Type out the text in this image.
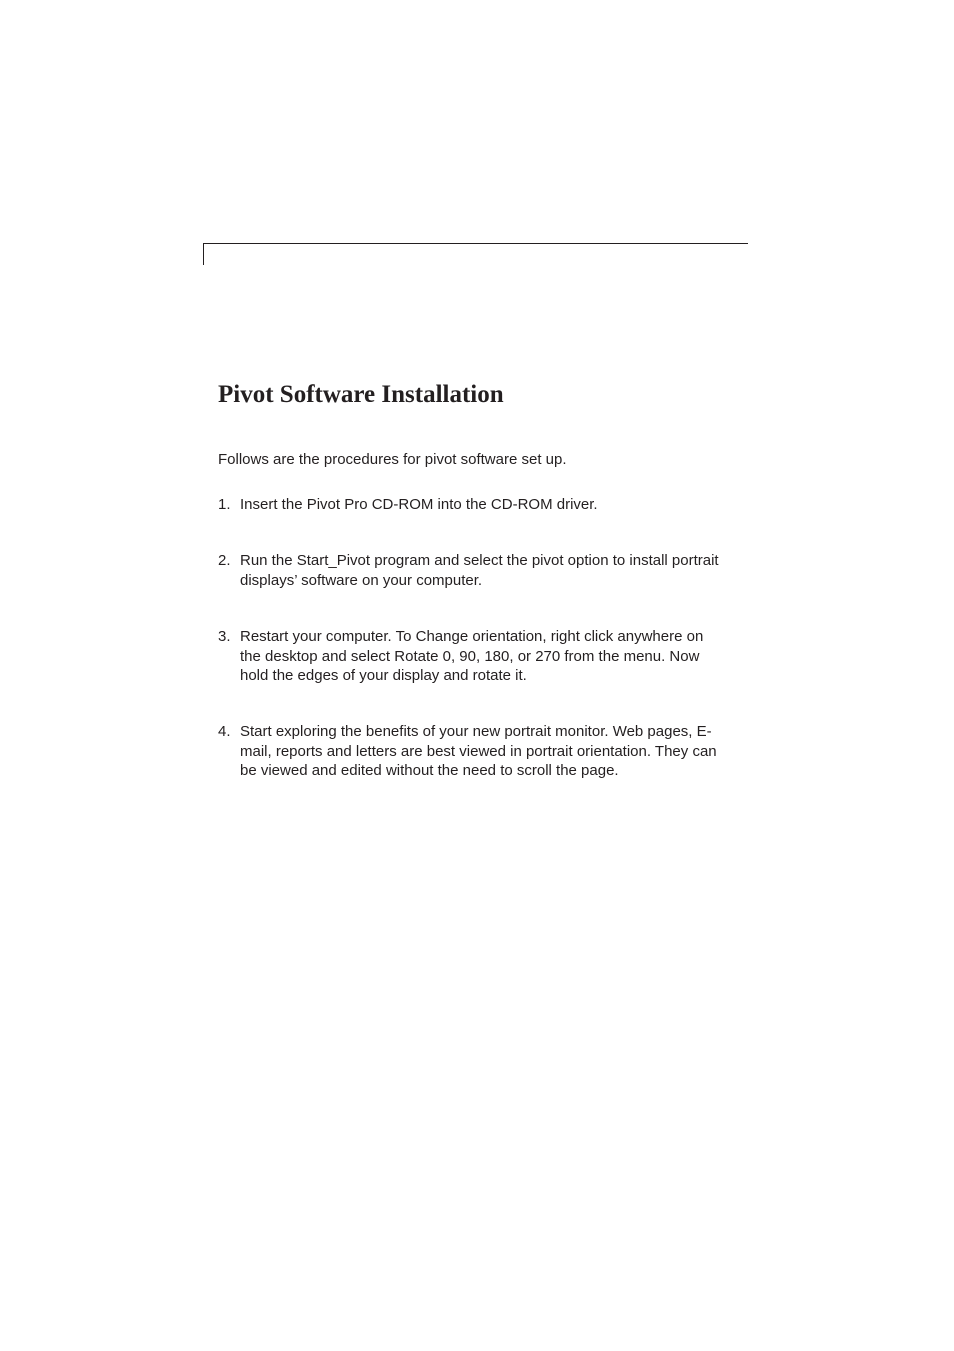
Pivot Software Installation

Follows are the procedures for pivot software set up.

1. Insert the Pivot Pro CD-ROM into the CD-ROM driver.
2. Run the Start_Pivot program and select the pivot option to install portrait displays’ software on your computer.
3. Restart your computer. To Change orientation, right click anywhere on the desktop and select Rotate 0, 90, 180, or 270 from the menu. Now hold the edges of your display and rotate it.
4. Start exploring the benefits of your new portrait monitor. Web pages, E-mail, reports and letters are best viewed in portrait orientation. They can be viewed and edited without the need to scroll the page.
